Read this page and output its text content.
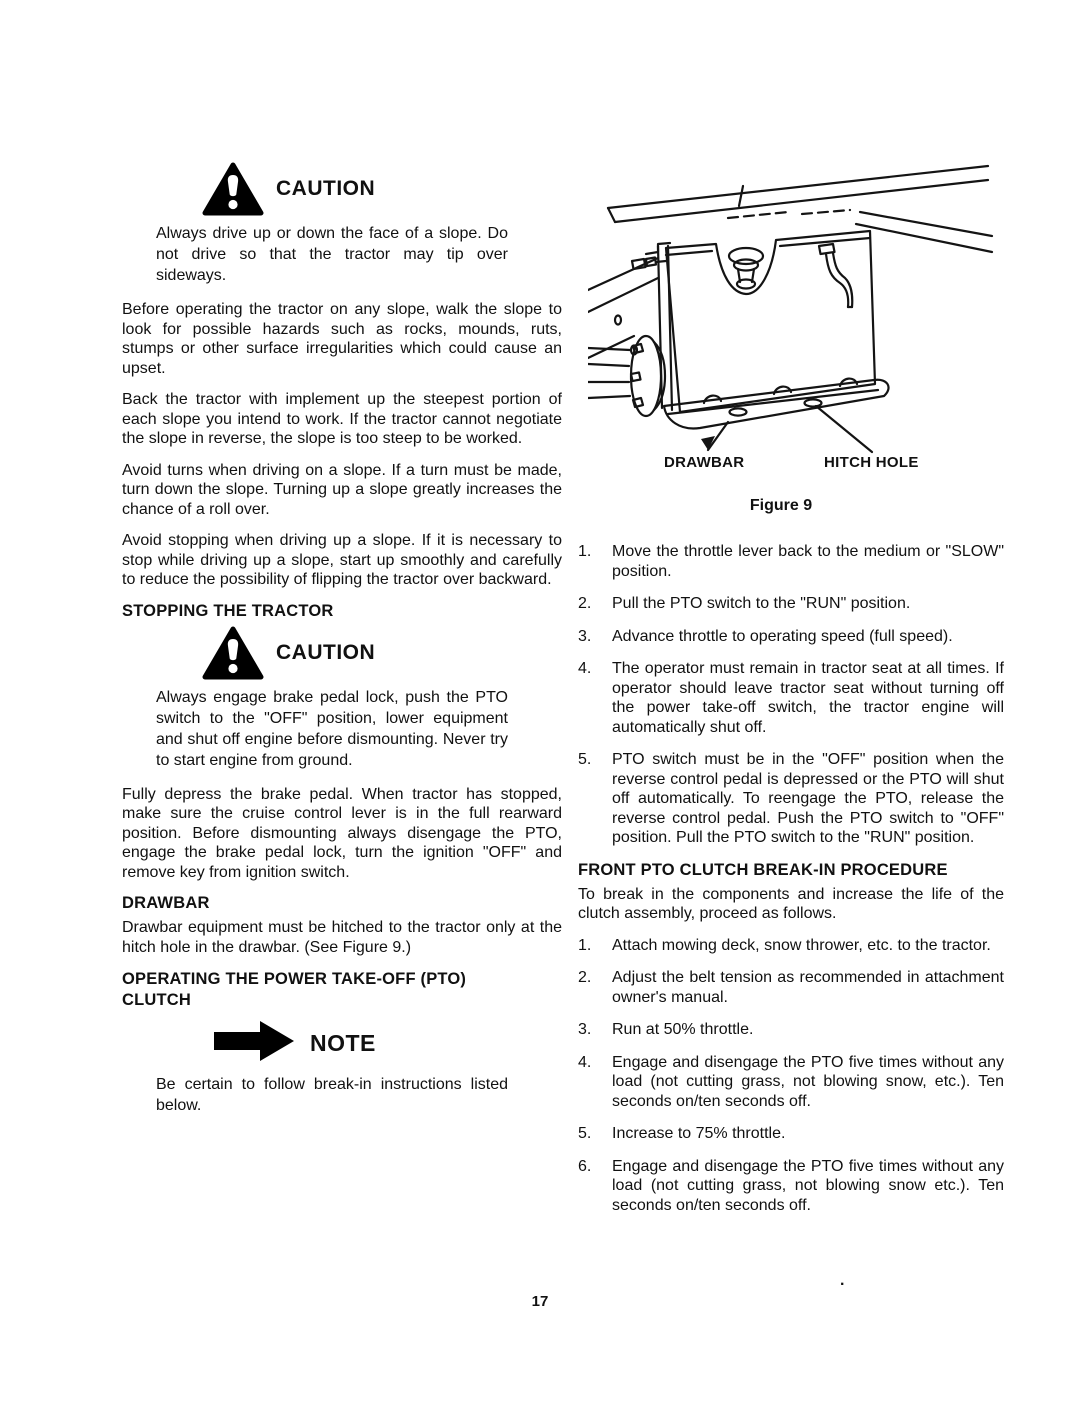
CAUTION
Always drive up or down the face of a slope. Do not drive so that the tractor may tip over sideways.

Before operating the tractor on any slope, walk the slope to look for possible hazards such as rocks, mounds, ruts, stumps or other surface irregularities which could cause an upset.

Back the tractor with implement up the steepest portion of each slope you intend to work. If the tractor cannot negotiate the slope in reverse, the slope is too steep to be worked.

Avoid turns when driving on a slope. If a turn must be made, turn down the slope. Turning up a slope greatly increases the chance of a roll over.

Avoid stopping when driving up a slope. If it is necessary to stop while driving up a slope, start up smoothly and carefully to reduce the possibility of flipping the tractor over backward.

STOPPING THE TRACTOR
CAUTION
Always engage brake pedal lock, push the PTO switch to the "OFF" position, lower equipment and shut off engine before dismounting. Never try to start engine from ground.

Fully depress the brake pedal. When tractor has stopped, make sure the cruise control lever is in the full rearward position. Before dismounting always disengage the PTO, engage the brake pedal lock, turn the ignition "OFF" and remove key from ignition switch.

DRAWBAR

Drawbar equipment must be hitched to the tractor only at the hitch hole in the drawbar. (See Figure 9.)

OPERATING THE POWER TAKE-OFF (PTO) CLUTCH
NOTE
Be certain to follow break-in instructions listed below.
DRAWBAR	HITCH HOLE
Figure 9
1.	Move the throttle lever back to the medium or "SLOW" position.
2.	Pull the PTO switch to the "RUN" position.
3.	Advance throttle to operating speed (full speed).
4.	The operator must remain in tractor seat at all times. If operator should leave tractor seat without turning off the power take-off switch, the tractor engine will automatically shut off.
5.	PTO switch must be in the "OFF" position when the reverse control pedal is depressed or the PTO will shut off automatically. To reengage the PTO, release the reverse control pedal. Push the PTO switch to "OFF" position. Pull the PTO switch to the "RUN" position.
FRONT PTO CLUTCH BREAK-IN PROCEDURE

To break in the components and increase the life of the clutch assembly, proceed as follows.

1.	Attach mowing deck, snow thrower, etc. to the tractor.
2.	Adjust the belt tension as recommended in attachment owner's manual.
3.	Run at 50% throttle.
4.	Engage and disengage the PTO five times without any load (not cutting grass, not blowing snow, etc.). Ten seconds on/ten seconds off.
5.	Increase to 75% throttle.
6.	Engage and disengage the PTO five times without any load (not cutting grass, not blowing snow etc.). Ten seconds on/ten seconds off.
17
.
